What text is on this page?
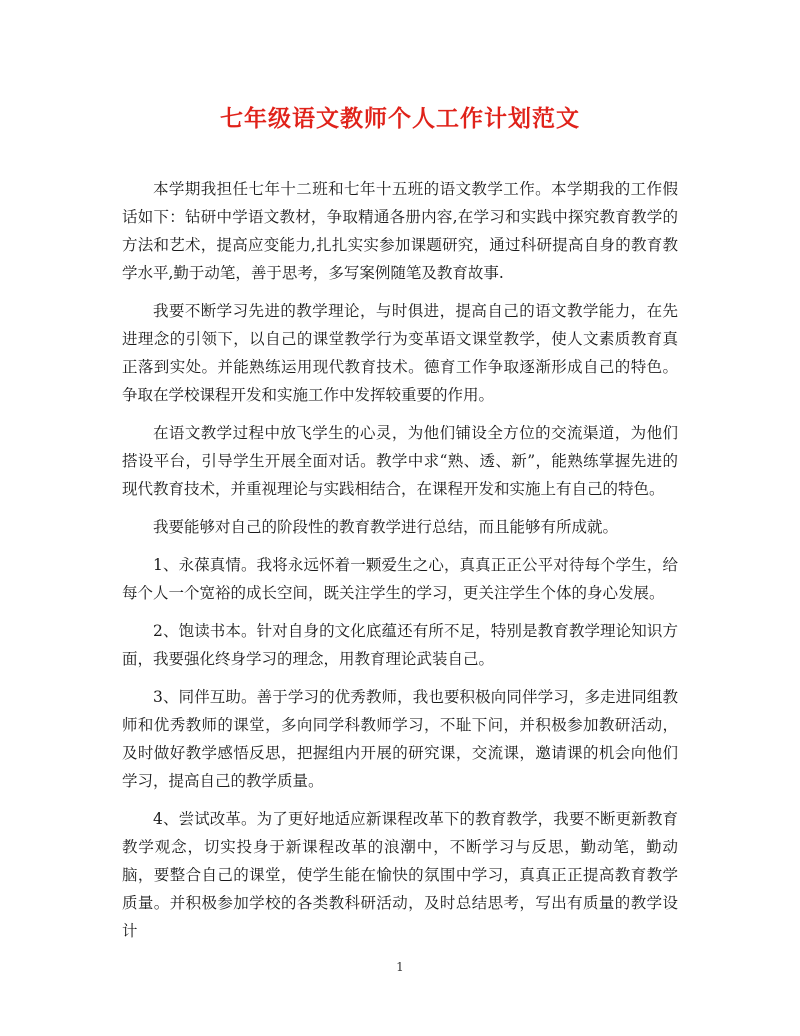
七年级语文教师个人工作计划范文

本学期我担任七年十二班和七年十五班的语文教学工作。本学期我的工作假话如下：钻研中学语文教材，争取精通各册内容,在学习和实践中探究教育教学的方法和艺术，提高应变能力,扎扎实实参加课题研究，通过科研提高自身的教育教学水平,勤于动笔，善于思考，多写案例随笔及教育故事.

我要不断学习先进的教学理论，与时俱进，提高自己的语文教学能力，在先进理念的引领下，以自己的课堂教学行为变革语文课堂教学，使人文素质教育真正落到实处。并能熟练运用现代教育技术。德育工作争取逐渐形成自己的特色。争取在学校课程开发和实施工作中发挥较重要的作用。

在语文教学过程中放飞学生的心灵，为他们铺设全方位的交流渠道，为他们搭设平台，引导学生开展全面对话。教学中求“熟、透、新”，能熟练掌握先进的现代教育技术，并重视理论与实践相结合，在课程开发和实施上有自己的特色。

我要能够对自己的阶段性的教育教学进行总结，而且能够有所成就。

1、永葆真情。我将永远怀着一颗爱生之心，真真正正公平对待每个学生，给每个人一个宽裕的成长空间，既关注学生的学习，更关注学生个体的身心发展。

2、饱读书本。针对自身的文化底蕴还有所不足，特别是教育教学理论知识方面，我要强化终身学习的理念，用教育理论武装自己。

3、同伴互助。善于学习的优秀教师，我也要积极向同伴学习，多走进同组教师和优秀教师的课堂，多向同学科教师学习，不耻下问，并积极参加教研活动，及时做好教学感悟反思，把握组内开展的研究课，交流课，邀请课的机会向他们学习，提高自己的教学质量。

4、尝试改革。为了更好地适应新课程改革下的教育教学，我要不断更新教育教学观念，切实投身于新课程改革的浪潮中，不断学习与反思，勤动笔，勤动脑，要整合自己的课堂，使学生能在愉快的氛围中学习，真真正正提高教育教学质量。并积极参加学校的各类教科研活动，及时总结思考，写出有质量的教学设计

1
